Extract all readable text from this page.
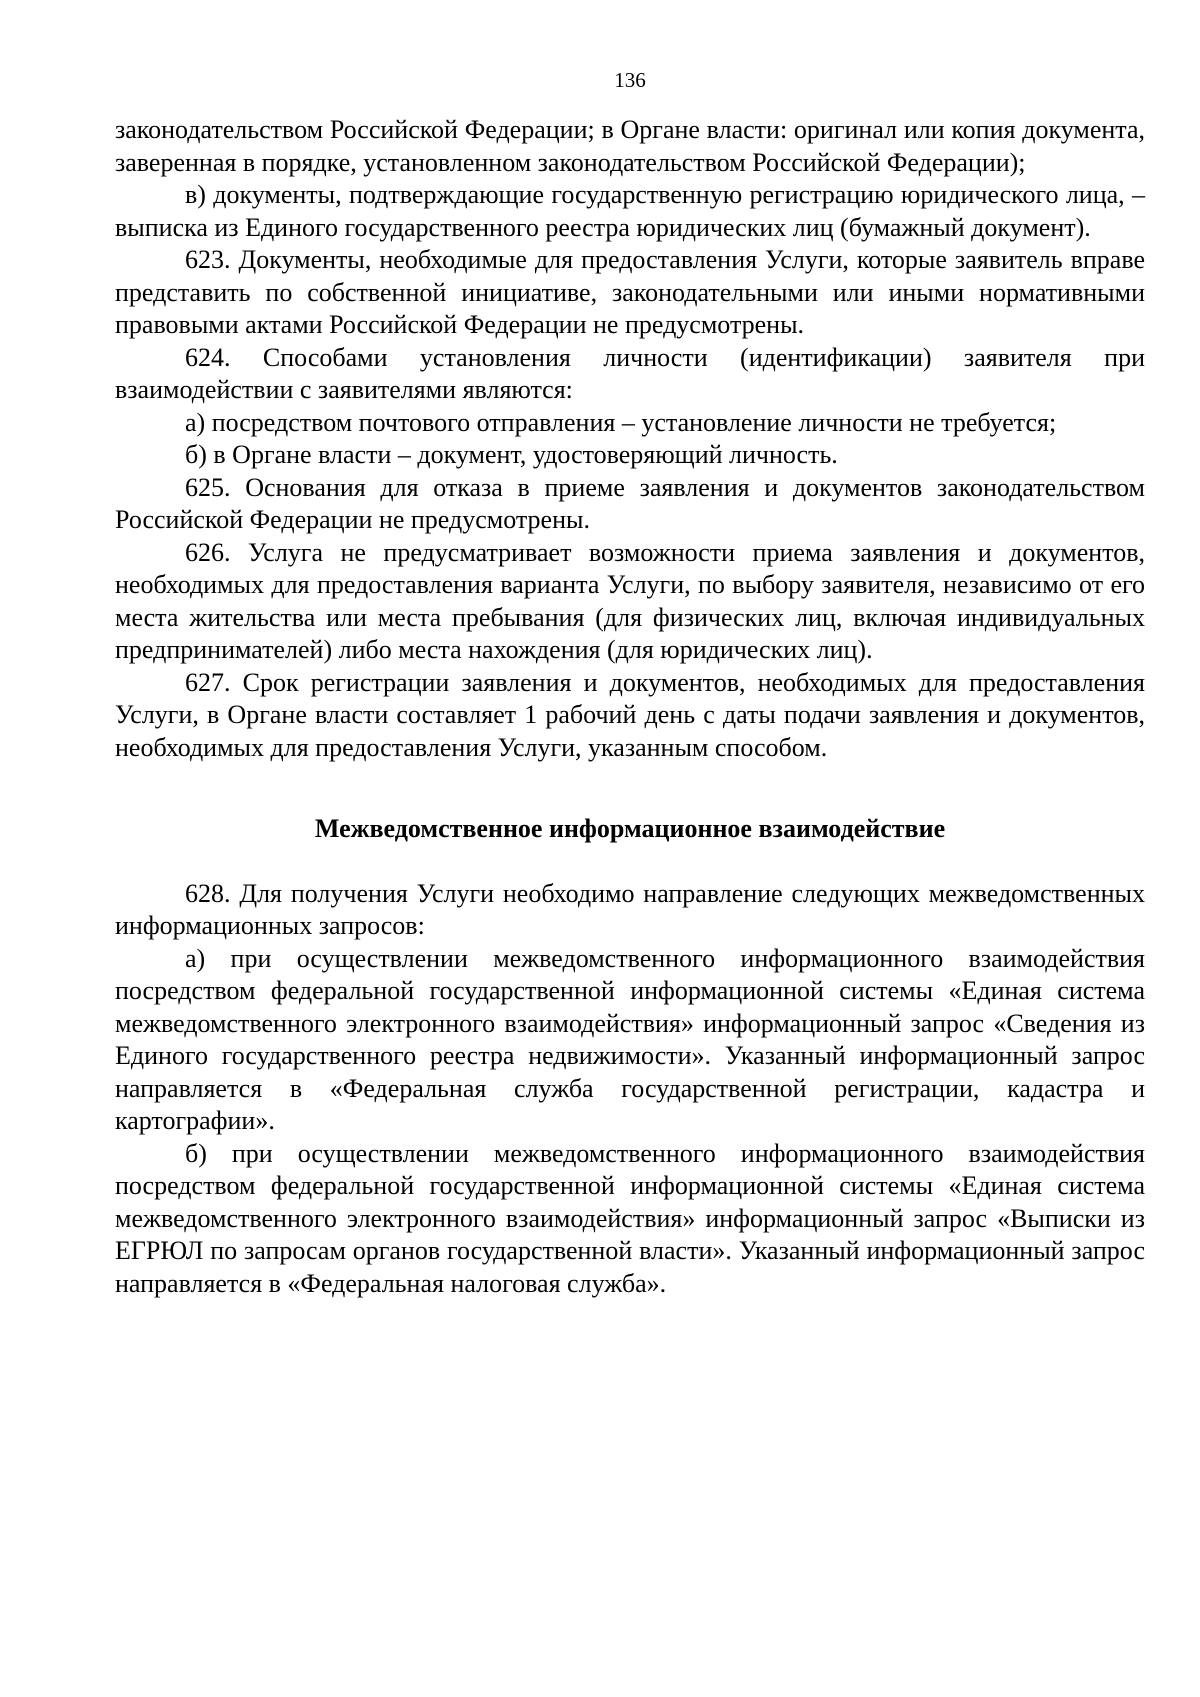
136

законодательством Российской Федерации; в Органе власти: оригинал или копия документа, заверенная в порядке, установленном законодательством Российской Федерации);

в) документы, подтверждающие государственную регистрацию юридического лица, – выписка из Единого государственного реестра юридических лиц (бумажный документ).

623. Документы, необходимые для предоставления Услуги, которые заявитель вправе представить по собственной инициативе, законодательными или иными нормативными правовыми актами Российской Федерации не предусмотрены.

624. Способами установления личности (идентификации) заявителя при взаимодействии с заявителями являются:

а) посредством почтового отправления – установление личности не требуется;

б) в Органе власти – документ, удостоверяющий личность.

625. Основания для отказа в приеме заявления и документов законодательством Российской Федерации не предусмотрены.

626. Услуга не предусматривает возможности приема заявления и документов, необходимых для предоставления варианта Услуги, по выбору заявителя, независимо от его места жительства или места пребывания (для физических лиц, включая индивидуальных предпринимателей) либо места нахождения (для юридических лиц).

627. Срок регистрации заявления и документов, необходимых для предоставления Услуги, в Органе власти составляет 1 рабочий день с даты подачи заявления и документов, необходимых для предоставления Услуги, указанным способом.

Межведомственное информационное взаимодействие

628. Для получения Услуги необходимо направление следующих межведомственных информационных запросов:

а) при осуществлении межведомственного информационного взаимодействия посредством федеральной государственной информационной системы «Единая система межведомственного электронного взаимодействия» информационный запрос «Сведения из Единого государственного реестра недвижимости». Указанный информационный запрос направляется в «Федеральная служба государственной регистрации, кадастра и картографии».

б) при осуществлении межведомственного информационного взаимодействия посредством федеральной государственной информационной системы «Единая система межведомственного электронного взаимодействия» информационный запрос «Выписки из ЕГРЮЛ по запросам органов государственной власти». Указанный информационный запрос направляется в «Федеральная налоговая служба».
